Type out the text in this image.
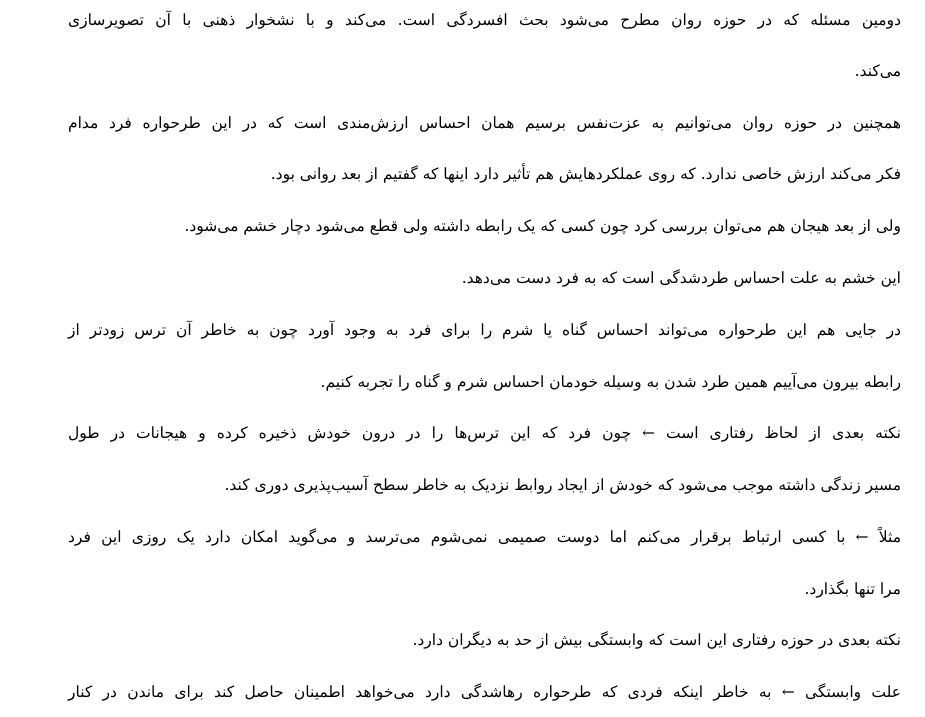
دومین مسئله که در حوزه روان مطرح می‌شود بحث افسردگی است. می‌کند و با نشخوار ذهنی با آن تصویرسازی
می‌کند.
همچنین در حوزه روان می‌توانیم به عزت‌نفس برسیم همان احساس ارزش‌مندی است که در این طرحواره فرد مدام
فکر می‌کند ارزش خاصی ندارد. که روی عملکردهایش هم تأثیر دارد اینها که گفتیم از بعد روانی بود.
ولی از بعد هیجان هم می‌توان بررسی کرد چون کسی که یک رابطه داشته ولی قطع می‌شود دچار خشم می‌شود.
این خشم به علت احساس طردشدگی است که به فرد دست می‌دهد.
در جایی هم این طرحواره می‌تواند احساس گناه یا شرم را برای فرد به وجود آورد چون به خاطر آن ترس زودتر از
رابطه بیرون می‌آییم همین طرد شدن به وسیله خودمان احساس شرم و گناه را تجربه کنیم.
نکته بعدی از لحاظ رفتاری است ← چون فرد که این ترس‌ها را در درون خودش ذخیره کرده و هیجانات در طول
مسیر زندگی داشته موجب می‌شود که خودش از ایجاد روابط نزدیک به خاطر سطح آسیب‌پذیری دوری کند.
مثلاً ← با کسی ارتباط برقرار می‌کنم اما دوست صمیمی نمی‌شوم می‌ترسد و می‌گوید امکان دارد یک روزی این فرد
مرا تنها بگذارد.
نکته بعدی در حوزه رفتاری این است که وابستگی بیش از حد به دیگران دارد.
علت وابستگی ← به خاطر اینکه فردی که طرحواره رهاشدگی دارد می‌خواهد اطمینان حاصل کند برای ماندن در کنار
